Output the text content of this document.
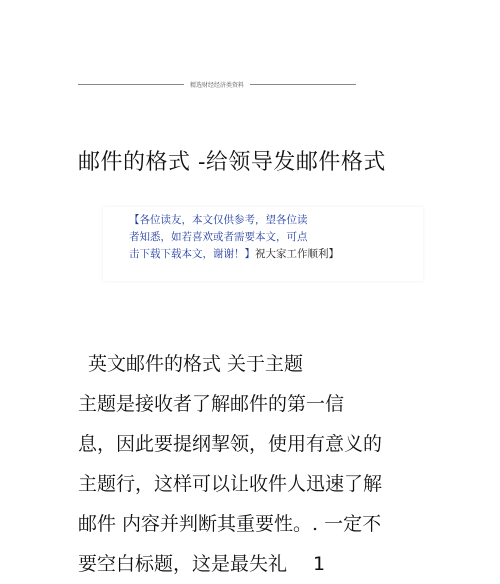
精选财经经济类资料
邮件的格式 -给领导发邮件格式
【各位读友，本文仅供参考，望各位读
者知悉，如若喜欢或者需要本文，可点
击下载下载本文，谢谢！】祝大家工作顺利】
英文邮件的格式 关于主题
主题是接收者了解邮件的第一信
息，因此要提纲挈领，使用有意义的
主题行，这样可以让收件人迅速了解
邮件 内容并判断其重要性。. 一定不
要空白标题，这是最失礼 1
